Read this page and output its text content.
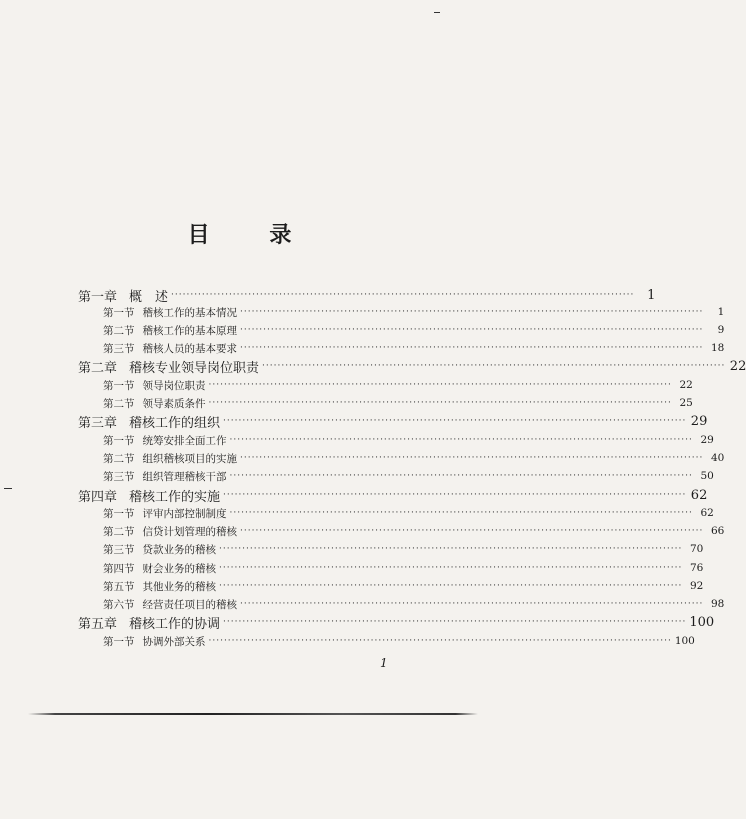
目 录
第一章 概　述 ························································································································ 1
第一节 稽核工作的基本情况 ························································································································	1
第二节 稽核工作的基本原理 ························································································································	9
第三节 稽核人员的基本要求 ························································································································ 18
第二章 稽核专业领导岗位职责 ························································································································ 22
第一节 领导岗位职责 ························································································································ 22
第二节 领导素质条件 ························································································································ 25
第三章 稽核工作的组织 ························································································································ 29
第一节 统筹安排全面工作 ························································································································ 29
第二节 组织稽核项目的实施 ························································································································ 40
第三节 组织管理稽核干部 ························································································································ 50
第四章 稽核工作的实施 ························································································································ 62
第一节 评审内部控制制度 ························································································································ 62
第二节 信贷计划管理的稽核 ························································································································ 66
第三节 贷款业务的稽核 ························································································································ 70
第四节 财会业务的稽核 ························································································································ 76
第五节 其他业务的稽核 ························································································································ 92
第六节 经营责任项目的稽核 ························································································································ 98
第五章 稽核工作的协调 ························································································································ 100
第一节 协调外部关系 ························································································································ 100
1
